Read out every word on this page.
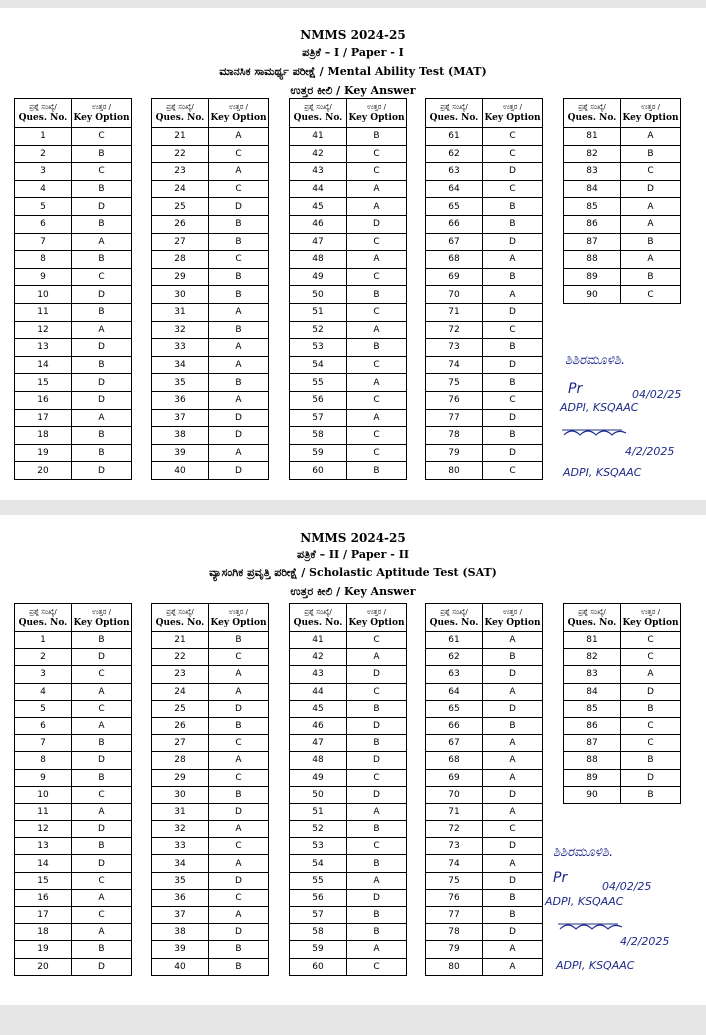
NMMS 2024-25
ಪತ್ರಿಕೆ – I / Paper - I
ಮಾನಸಿಕ ಸಾಮರ್ಥ್ಯ ಪರೀಕ್ಷೆ / Mental Ability Test (MAT)
ಉತ್ತರ ಕೀಲಿ / Key Answer
ಪ್ರಶ್ನೆ ಸಂಖ್ಯೆ/
Ques. No.	ಉತ್ತರ /
Key Option
1	C
2	B
3	C
4	B
5	D
6	B
7	A
8	B
9	C
10	D
11	B
12	A
13	D
14	B
15	D
16	D
17	A
18	B
19	B
20	D
ಪ್ರಶ್ನೆ ಸಂಖ್ಯೆ/
Ques. No.	ಉತ್ತರ /
Key Option
21	A
22	C
23	A
24	C
25	D
26	B
27	B
28	C
29	B
30	B
31	A
32	B
33	A
34	A
35	B
36	A
37	D
38	D
39	A
40	D
ಪ್ರಶ್ನೆ ಸಂಖ್ಯೆ/
Ques. No.	ಉತ್ತರ /
Key Option
41	B
42	C
43	C
44	A
45	A
46	D
47	C
48	A
49	C
50	B
51	C
52	A
53	B
54	C
55	A
56	C
57	A
58	C
59	C
60	B
ಪ್ರಶ್ನೆ ಸಂಖ್ಯೆ/
Ques. No.	ಉತ್ತರ /
Key Option
61	C
62	C
63	D
64	C
65	B
66	B
67	D
68	A
69	B
70	A
71	D
72	C
73	B
74	D
75	B
76	C
77	D
78	B
79	D
80	C
ಪ್ರಶ್ನೆ ಸಂಖ್ಯೆ/
Ques. No.	ಉತ್ತರ /
Key Option
81	A
82	B
83	C
84	D
85	A
86	A
87	B
88	A
89	B
90	C
ಶಿಶಿರಮೂಳಿಶಿ.
Pr	04/02/25
ADPI, KSQAAC
4/2/2025
ADPI, KSQAAC
NMMS 2024-25
ಪತ್ರಿಕೆ – II / Paper - II
ವ್ಯಾಸಂಗಿಕ ಪ್ರವೃತ್ತಿ ಪರೀಕ್ಷೆ / Scholastic Aptitude Test (SAT)
ಉತ್ತರ ಕೀಲಿ / Key Answer
ಪ್ರಶ್ನೆ ಸಂಖ್ಯೆ/
Ques. No.	ಉತ್ತರ /
Key Option
1	B
2	D
3	C
4	A
5	C
6	A
7	B
8	D
9	B
10	C
11	A
12	D
13	B
14	D
15	C
16	A
17	C
18	A
19	B
20	D
ಪ್ರಶ್ನೆ ಸಂಖ್ಯೆ/
Ques. No.	ಉತ್ತರ /
Key Option
21	B
22	C
23	A
24	A
25	D
26	B
27	C
28	A
29	C
30	B
31	D
32	A
33	C
34	A
35	D
36	C
37	A
38	D
39	B
40	B
ಪ್ರಶ್ನೆ ಸಂಖ್ಯೆ/
Ques. No.	ಉತ್ತರ /
Key Option
41	C
42	A
43	D
44	C
45	B
46	D
47	B
48	D
49	C
50	D
51	A
52	B
53	C
54	B
55	A
56	D
57	B
58	B
59	A
60	C
ಪ್ರಶ್ನೆ ಸಂಖ್ಯೆ/
Ques. No.	ಉತ್ತರ /
Key Option
61	A
62	B
63	D
64	A
65	D
66	B
67	A
68	A
69	A
70	D
71	A
72	C
73	D
74	A
75	D
76	B
77	B
78	D
79	A
80	A
ಪ್ರಶ್ನೆ ಸಂಖ್ಯೆ/
Ques. No.	ಉತ್ತರ /
Key Option
81	C
82	C
83	A
84	D
85	B
86	C
87	C
88	B
89	D
90	B
ಶಿಶಿರಮೂಳಿಶಿ.
Pr
04/02/25
ADPI, KSQAAC
4/2/2025
ADPI, KSQAAC
